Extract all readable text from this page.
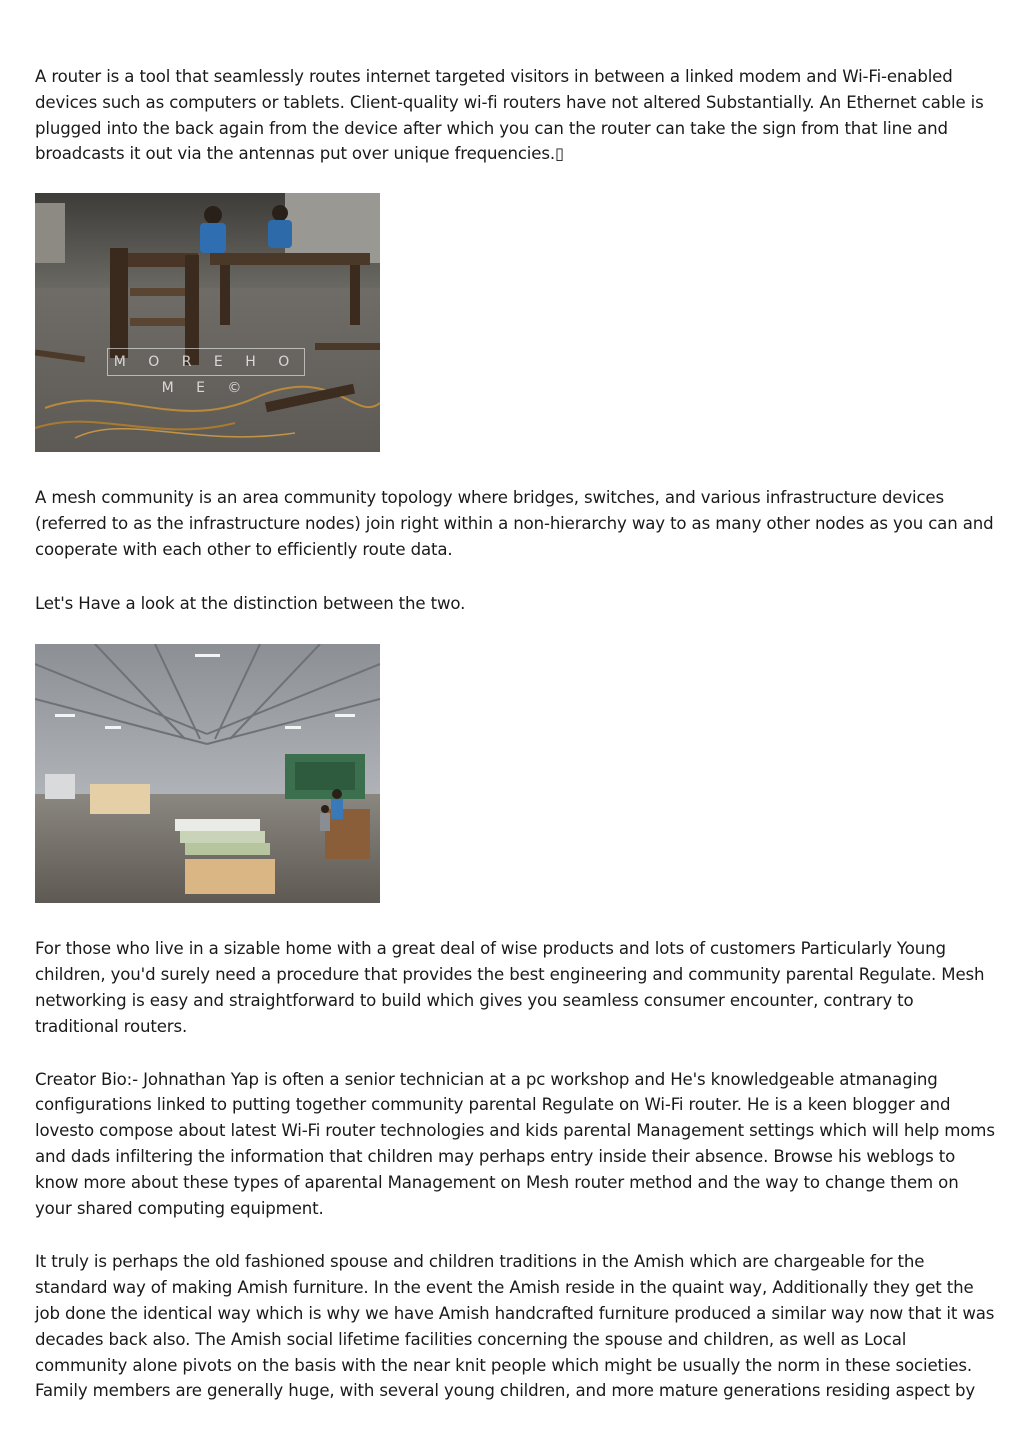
A router is a tool that seamlessly routes internet targeted visitors in between a linked modem and Wi-Fi-enabled devices such as computers or tablets. Client-quality wi-fi routers have not altered Substantially. An Ethernet cable is plugged into the back again from the device after which you can the router can take the sign from that line and broadcasts it out via the antennas put over unique frequencies.▯

M O R E H O M E ©

A mesh community is an area community topology where bridges, switches, and various infrastructure devices (referred to as the infrastructure nodes) join right within a non-hierarchy way to as many other nodes as you can and cooperate with each other to efficiently route data.

Let's Have a look at the distinction between the two.

For those who live in a sizable home with a great deal of wise products and lots of customers Particularly Young children, you'd surely need a procedure that provides the best engineering and community parental Regulate. Mesh networking is easy and straightforward to build which gives you seamless consumer encounter, contrary to traditional routers.

Creator Bio:- Johnathan Yap is often a senior technician at a pc workshop and He's knowledgeable atmanaging configurations linked to putting together community parental Regulate on Wi-Fi router. He is a keen blogger and lovesto compose about latest Wi-Fi router technologies and kids parental Management settings which will help moms and dads infiltering the information that children may perhaps entry inside their absence. Browse his weblogs to know more about these types of aparental Management on Mesh router method and the way to change them on your shared computing equipment.

It truly is perhaps the old fashioned spouse and children traditions in the Amish which are chargeable for the standard way of making Amish furniture. In the event the Amish reside in the quaint way, Additionally they get the job done the identical way which is why we have Amish handcrafted furniture produced a similar way now that it was decades back also. The Amish social lifetime facilities concerning the spouse and children, as well as Local community alone pivots on the basis with the near knit people which might be usually the norm in these societies. Family members are generally huge, with several young children, and more mature generations residing aspect by
